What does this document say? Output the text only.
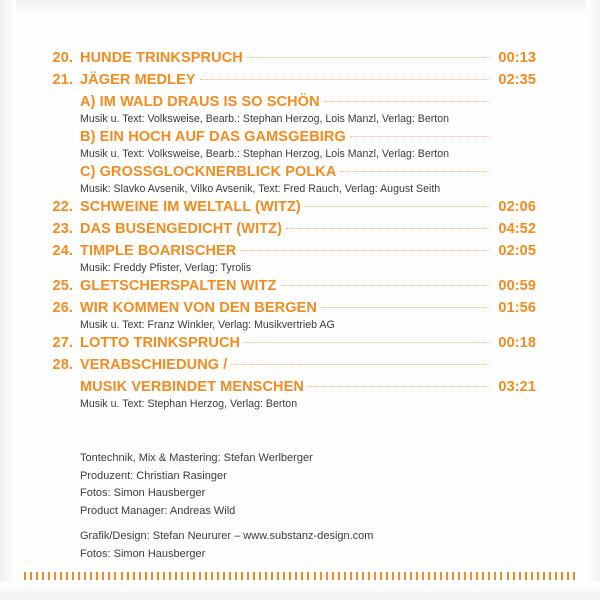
20. HUNDE TRINKSPRUCH	00:13
21. JÄGER MEDLEY	02:35
A) IM WALD DRAUS IS SO SCHÖN
Musik u. Text: Volksweise, Bearb.: Stephan Herzog, Lois Manzl, Verlag: Berton
B) EIN HOCH AUF DAS GAMSGEBIRG
Musik u. Text: Volksweise, Bearb.: Stephan Herzog, Lois Manzl, Verlag: Berton
C) GROSSGLOCKNERBLICK POLKA
Musik: Slavko Avsenik, Vilko Avsenik, Text: Fred Rauch, Verlag: August Seith
22. SCHWEINE IM WELTALL (WITZ)	02:06
23. DAS BUSENGEDICHT (WITZ)	04:52
24. TIMPLE BOARISCHER	02:05
Musik: Freddy Pfister, Verlag: Tyrolis
25. GLETSCHERSPALTEN WITZ	00:59
26. WIR KOMMEN VON DEN BERGEN	01:56
Musik u. Text: Franz Winkler, Verlag: Musikvertrieb AG
27. LOTTO TRINKSPRUCH	00:18
28. VERABSCHIEDUNG /
MUSIK VERBINDET MENSCHEN	03:21
Musik u. Text: Stephan Herzog, Verlag: Berton
Tontechnik, Mix & Mastering: Stefan Werlberger
Produzent: Christian Rasinger
Fotos: Simon Hausberger
Product Manager: Andreas Wild
Grafik/Design: Stefan Neururer – www.substanz-design.com
Fotos: Simon Hausberger
